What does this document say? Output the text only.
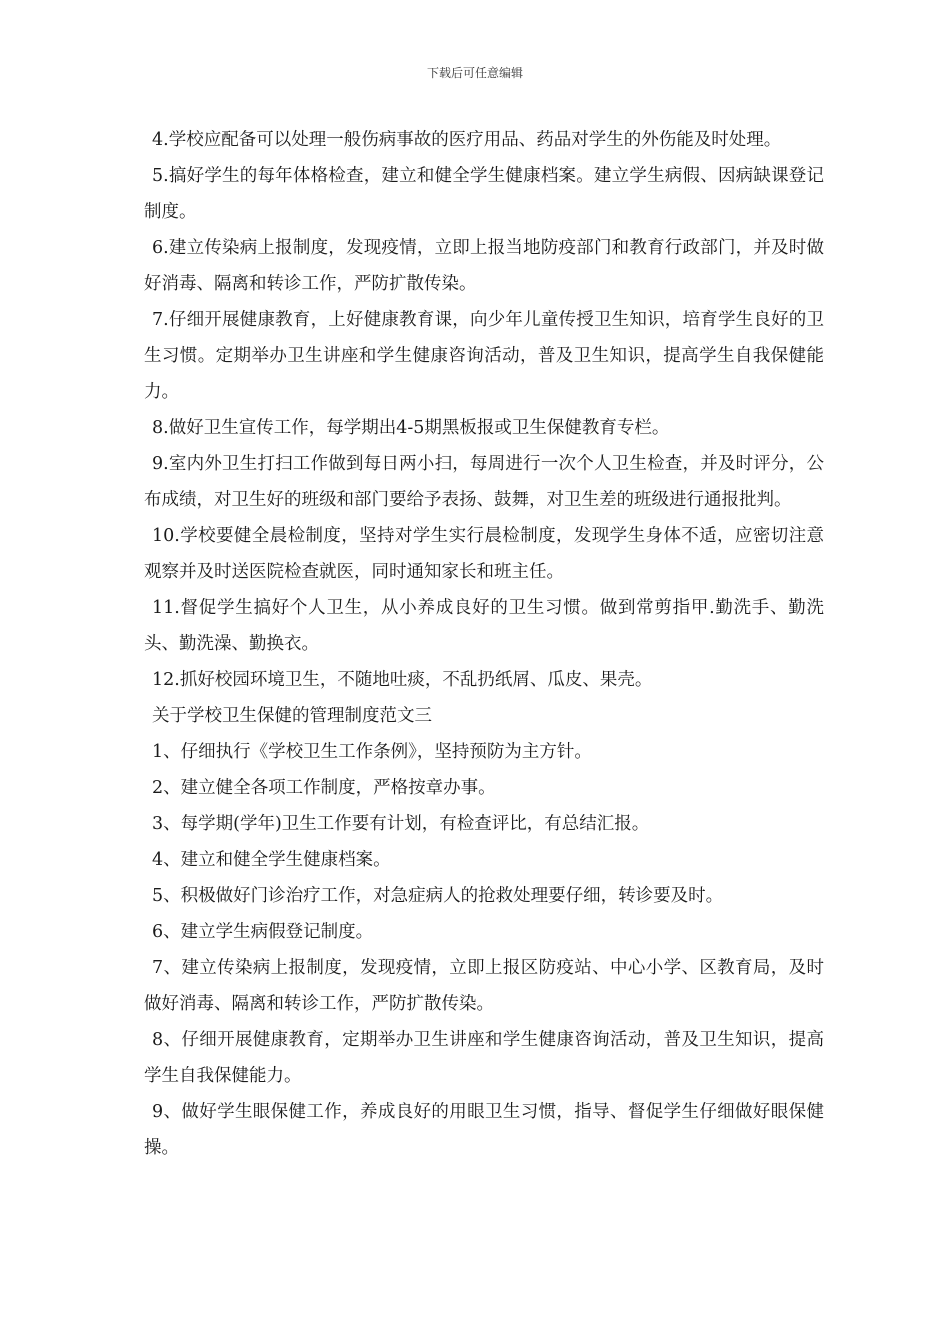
下载后可任意编辑

4.学校应配备可以处理一般伤病事故的医疗用品、药品对学生的外伤能及时处理。

5.搞好学生的每年体格检查，建立和健全学生健康档案。建立学生病假、因病缺课登记制度。

6.建立传染病上报制度，发现疫情，立即上报当地防疫部门和教育行政部门，并及时做好消毒、隔离和转诊工作，严防扩散传染。

7.仔细开展健康教育，上好健康教育课，向少年儿童传授卫生知识，培育学生良好的卫生习惯。定期举办卫生讲座和学生健康咨询活动，普及卫生知识，提高学生自我保健能力。

8.做好卫生宣传工作，每学期出4-5期黑板报或卫生保健教育专栏。

9.室内外卫生打扫工作做到每日两小扫，每周进行一次个人卫生检查，并及时评分，公布成绩，对卫生好的班级和部门要给予表扬、鼓舞，对卫生差的班级进行通报批判。

10.学校要健全晨检制度，坚持对学生实行晨检制度，发现学生身体不适，应密切注意观察并及时送医院检查就医，同时通知家长和班主任。

11.督促学生搞好个人卫生，从小养成良好的卫生习惯。做到常剪指甲.勤洗手、勤洗头、勤洗澡、勤换衣。

12.抓好校园环境卫生，不随地吐痰，不乱扔纸屑、瓜皮、果壳。

关于学校卫生保健的管理制度范文三

1、仔细执行《学校卫生工作条例》，坚持预防为主方针。

2、建立健全各项工作制度，严格按章办事。

3、每学期(学年)卫生工作要有计划，有检查评比，有总结汇报。

4、建立和健全学生健康档案。

5、积极做好门诊治疗工作，对急症病人的抢救处理要仔细，转诊要及时。

6、建立学生病假登记制度。

7、建立传染病上报制度，发现疫情，立即上报区防疫站、中心小学、区教育局，及时做好消毒、隔离和转诊工作，严防扩散传染。

8、仔细开展健康教育，定期举办卫生讲座和学生健康咨询活动，普及卫生知识，提高学生自我保健能力。

9、做好学生眼保健工作，养成良好的用眼卫生习惯，指导、督促学生仔细做好眼保健操。
